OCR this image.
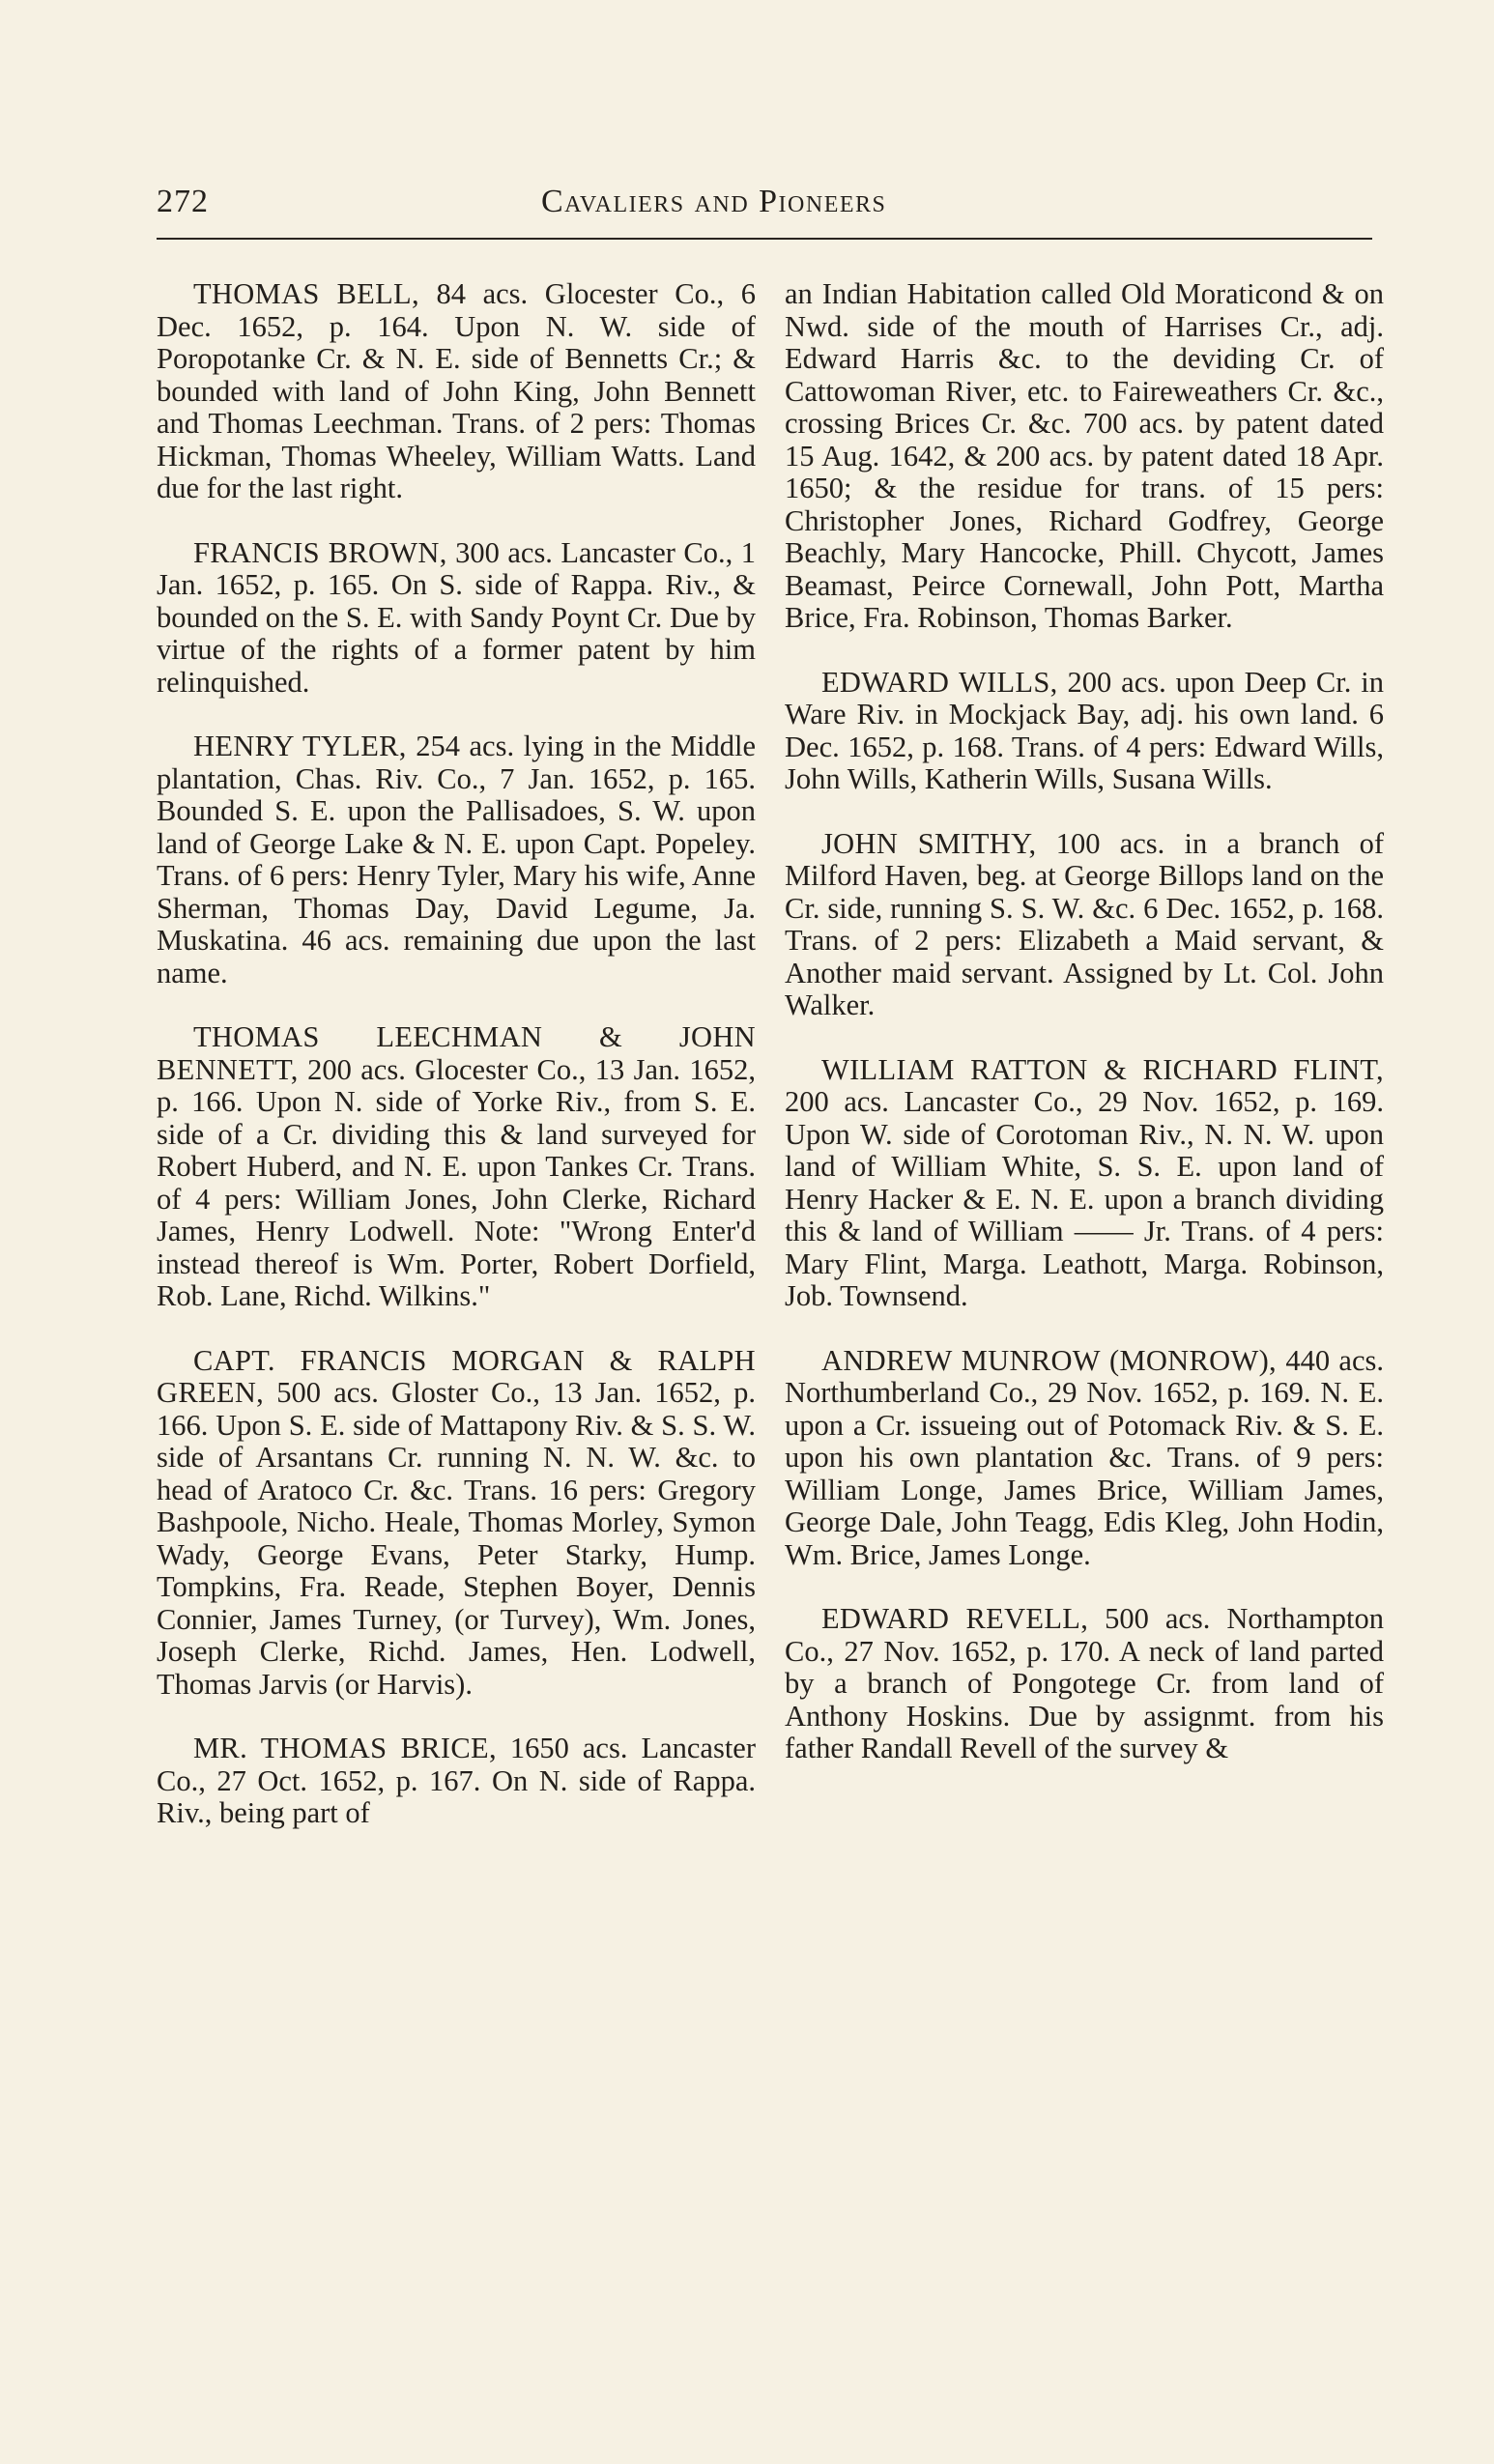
272	Cavaliers and Pioneers

THOMAS BELL, 84 acs. Glocester Co., 6 Dec. 1652, p. 164. Upon N. W. side of Poropotanke Cr. & N. E. side of Bennetts Cr.; & bounded with land of John King, John Bennett and Thomas Leechman. Trans. of 2 pers: Thomas Hickman, Thomas Wheeley, William Watts. Land due for the last right.

FRANCIS BROWN, 300 acs. Lancaster Co., 1 Jan. 1652, p. 165. On S. side of Rappa. Riv., & bounded on the S. E. with Sandy Poynt Cr. Due by virtue of the rights of a former patent by him relinquished.

HENRY TYLER, 254 acs. lying in the Middle plantation, Chas. Riv. Co., 7 Jan. 1652, p. 165. Bounded S. E. upon the Pallisadoes, S. W. upon land of George Lake & N. E. upon Capt. Popeley. Trans. of 6 pers: Henry Tyler, Mary his wife, Anne Sherman, Thomas Day, David Legume, Ja. Muskatina. 46 acs. remaining due upon the last name.

THOMAS LEECHMAN & JOHN BENNETT, 200 acs. Glocester Co., 13 Jan. 1652, p. 166. Upon N. side of Yorke Riv., from S. E. side of a Cr. dividing this & land surveyed for Robert Huberd, and N. E. upon Tankes Cr. Trans. of 4 pers: William Jones, John Clerke, Richard James, Henry Lodwell. Note: "Wrong Enter'd instead thereof is Wm. Porter, Robert Dorfield, Rob. Lane, Richd. Wilkins."

CAPT. FRANCIS MORGAN & RALPH GREEN, 500 acs. Gloster Co., 13 Jan. 1652, p. 166. Upon S. E. side of Mattapony Riv. & S. S. W. side of Arsantans Cr. running N. N. W. &c. to head of Aratoco Cr. &c. Trans. 16 pers: Gregory Bashpoole, Nicho. Heale, Thomas Morley, Symon Wady, George Evans, Peter Starky, Hump. Tompkins, Fra. Reade, Stephen Boyer, Dennis Connier, James Turney, (or Turvey), Wm. Jones, Joseph Clerke, Richd. James, Hen. Lodwell, Thomas Jarvis (or Harvis).

MR. THOMAS BRICE, 1650 acs. Lancaster Co., 27 Oct. 1652, p. 167. On N. side of Rappa. Riv., being part of

an Indian Habitation called Old Moraticond & on Nwd. side of the mouth of Harrises Cr., adj. Edward Harris &c. to the deviding Cr. of Cattowoman River, etc. to Faireweathers Cr. &c., crossing Brices Cr. &c. 700 acs. by patent dated 15 Aug. 1642, & 200 acs. by patent dated 18 Apr. 1650; & the residue for trans. of 15 pers: Christopher Jones, Richard Godfrey, George Beachly, Mary Hancocke, Phill. Chycott, James Beamast, Peirce Cornewall, John Pott, Martha Brice, Fra. Robinson, Thomas Barker.

EDWARD WILLS, 200 acs. upon Deep Cr. in Ware Riv. in Mockjack Bay, adj. his own land. 6 Dec. 1652, p. 168. Trans. of 4 pers: Edward Wills, John Wills, Katherin Wills, Susana Wills.

JOHN SMITHY, 100 acs. in a branch of Milford Haven, beg. at George Billops land on the Cr. side, running S. S. W. &c. 6 Dec. 1652, p. 168. Trans. of 2 pers: Elizabeth a Maid servant, & Another maid servant. Assigned by Lt. Col. John Walker.

WILLIAM RATTON & RICHARD FLINT, 200 acs. Lancaster Co., 29 Nov. 1652, p. 169. Upon W. side of Corotoman Riv., N. N. W. upon land of William White, S. S. E. upon land of Henry Hacker & E. N. E. upon a branch dividing this & land of William —— Jr. Trans. of 4 pers: Mary Flint, Marga. Leathott, Marga. Robinson, Job. Townsend.

ANDREW MUNROW (MONROW), 440 acs. Northumberland Co., 29 Nov. 1652, p. 169. N. E. upon a Cr. issueing out of Potomack Riv. & S. E. upon his own plantation &c. Trans. of 9 pers: William Longe, James Brice, William James, George Dale, John Teagg, Edis Kleg, John Hodin, Wm. Brice, James Longe.

EDWARD REVELL, 500 acs. Northampton Co., 27 Nov. 1652, p. 170. A neck of land parted by a branch of Pongotege Cr. from land of Anthony Hoskins. Due by assignmt. from his father Randall Revell of the survey &
